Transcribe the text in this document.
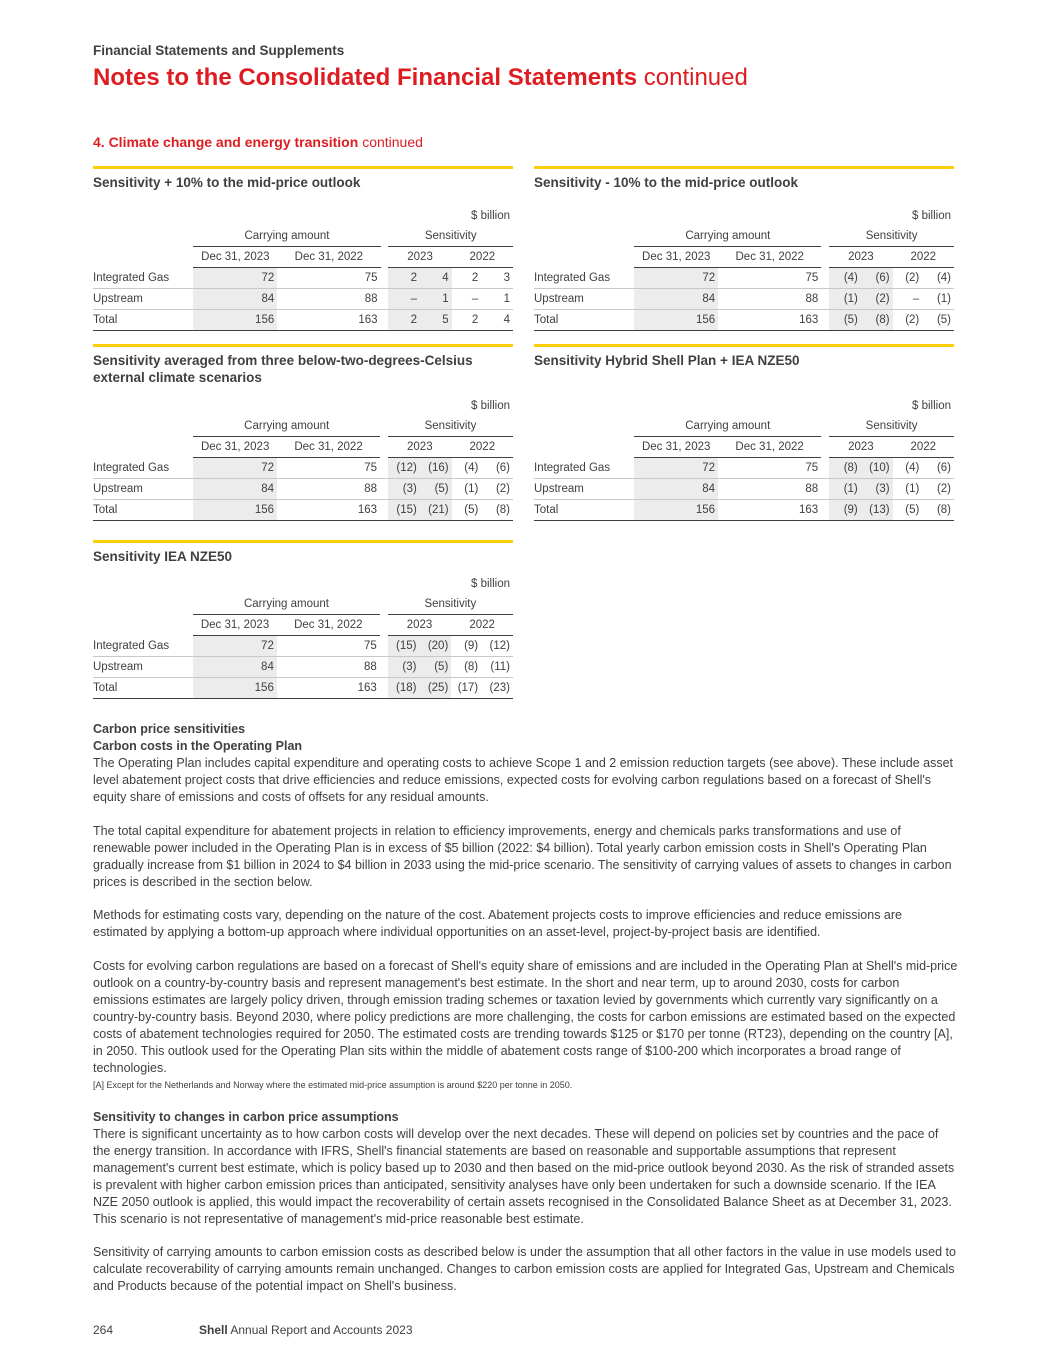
Financial Statements and Supplements
Notes to the Consolidated Financial Statements continued
4. Climate change and energy transition continued
Sensitivity + 10% to the mid-price outlook
$ billion							
	Carrying amount			Sensitivity			
	Dec 31, 2023	Dec 31, 2022		2023		2022	
Integrated Gas	72	75		2	4	2	3
Upstream	84	88		–	1	–	1
Total	156	163		2	5	2	4
Sensitivity - 10% to the mid-price outlook
$ billion							
	Carrying amount			Sensitivity			
	Dec 31, 2023	Dec 31, 2022		2023		2022	
Integrated Gas	72	75		(4)	(6)	(2)	(4)
Upstream	84	88		(1)	(2)	–	(1)
Total	156	163		(5)	(8)	(2)	(5)
Sensitivity averaged from three below-two-degrees-Celsius external climate scenarios
$ billion							
	Carrying amount			Sensitivity			
	Dec 31, 2023	Dec 31, 2022		2023		2022	
Integrated Gas	72	75		(12)	(16)	(4)	(6)
Upstream	84	88		(3)	(5)	(1)	(2)
Total	156	163		(15)	(21)	(5)	(8)
Sensitivity Hybrid Shell Plan + IEA NZE50
$ billion							
	Carrying amount			Sensitivity			
	Dec 31, 2023	Dec 31, 2022		2023		2022	
Integrated Gas	72	75		(8)	(10)	(4)	(6)
Upstream	84	88		(1)	(3)	(1)	(2)
Total	156	163		(9)	(13)	(5)	(8)
Sensitivity IEA NZE50
$ billion							
	Carrying amount			Sensitivity			
	Dec 31, 2023	Dec 31, 2022		2023		2022	
Integrated Gas	72	75		(15)	(20)	(9)	(12)
Upstream	84	88		(3)	(5)	(8)	(11)
Total	156	163		(18)	(25)	(17)	(23)
Carbon price sensitivities
Carbon costs in the Operating Plan
The Operating Plan includes capital expenditure and operating costs to achieve Scope 1 and 2 emission reduction targets (see above). These include asset level abatement project costs that drive efficiencies and reduce emissions, expected costs for evolving carbon regulations based on a forecast of Shell's equity share of emissions and costs of offsets for any residual amounts.
The total capital expenditure for abatement projects in relation to efficiency improvements, energy and chemicals parks transformations and use of renewable power included in the Operating Plan is in excess of $5 billion (2022: $4 billion). Total yearly carbon emission costs in Shell's Operating Plan gradually increase from $1 billion in 2024 to $4 billion in 2033 using the mid-price scenario. The sensitivity of carrying values of assets to changes in carbon prices is described in the section below.
Methods for estimating costs vary, depending on the nature of the cost. Abatement projects costs to improve efficiencies and reduce emissions are estimated by applying a bottom-up approach where individual opportunities on an asset-level, project-by-project basis are identified.
Costs for evolving carbon regulations are based on a forecast of Shell's equity share of emissions and are included in the Operating Plan at Shell's mid-price outlook on a country-by-country basis and represent management's best estimate. In the short and near term, up to around 2030, costs for carbon emissions estimates are largely policy driven, through emission trading schemes or taxation levied by governments which currently vary significantly on a country-by-country basis. Beyond 2030, where policy predictions are more challenging, the costs for carbon emissions are estimated based on the expected costs of abatement technologies required for 2050. The estimated costs are trending towards $125 or $170 per tonne (RT23), depending on the country [A], in 2050. This outlook used for the Operating Plan sits within the middle of abatement costs range of $100-200 which incorporates a broad range of technologies.
[A] Except for the Netherlands and Norway where the estimated mid-price assumption is around $220 per tonne in 2050.
Sensitivity to changes in carbon price assumptions
There is significant uncertainty as to how carbon costs will develop over the next decades. These will depend on policies set by countries and the pace of the energy transition. In accordance with IFRS, Shell's financial statements are based on reasonable and supportable assumptions that represent management's current best estimate, which is policy based up to 2030 and then based on the mid-price outlook beyond 2030. As the risk of stranded assets is prevalent with higher carbon emission prices than anticipated, sensitivity analyses have only been undertaken for such a downside scenario. If the IEA NZE 2050 outlook is applied, this would impact the recoverability of certain assets recognised in the Consolidated Balance Sheet as at December 31, 2023. This scenario is not representative of management's mid-price reasonable best estimate.
Sensitivity of carrying amounts to carbon emission costs as described below is under the assumption that all other factors in the value in use models used to calculate recoverability of carrying amounts remain unchanged. Changes to carbon emission costs are applied for Integrated Gas, Upstream and Chemicals and Products because of the potential impact on Shell's business.
264	Shell Annual Report and Accounts 2023
